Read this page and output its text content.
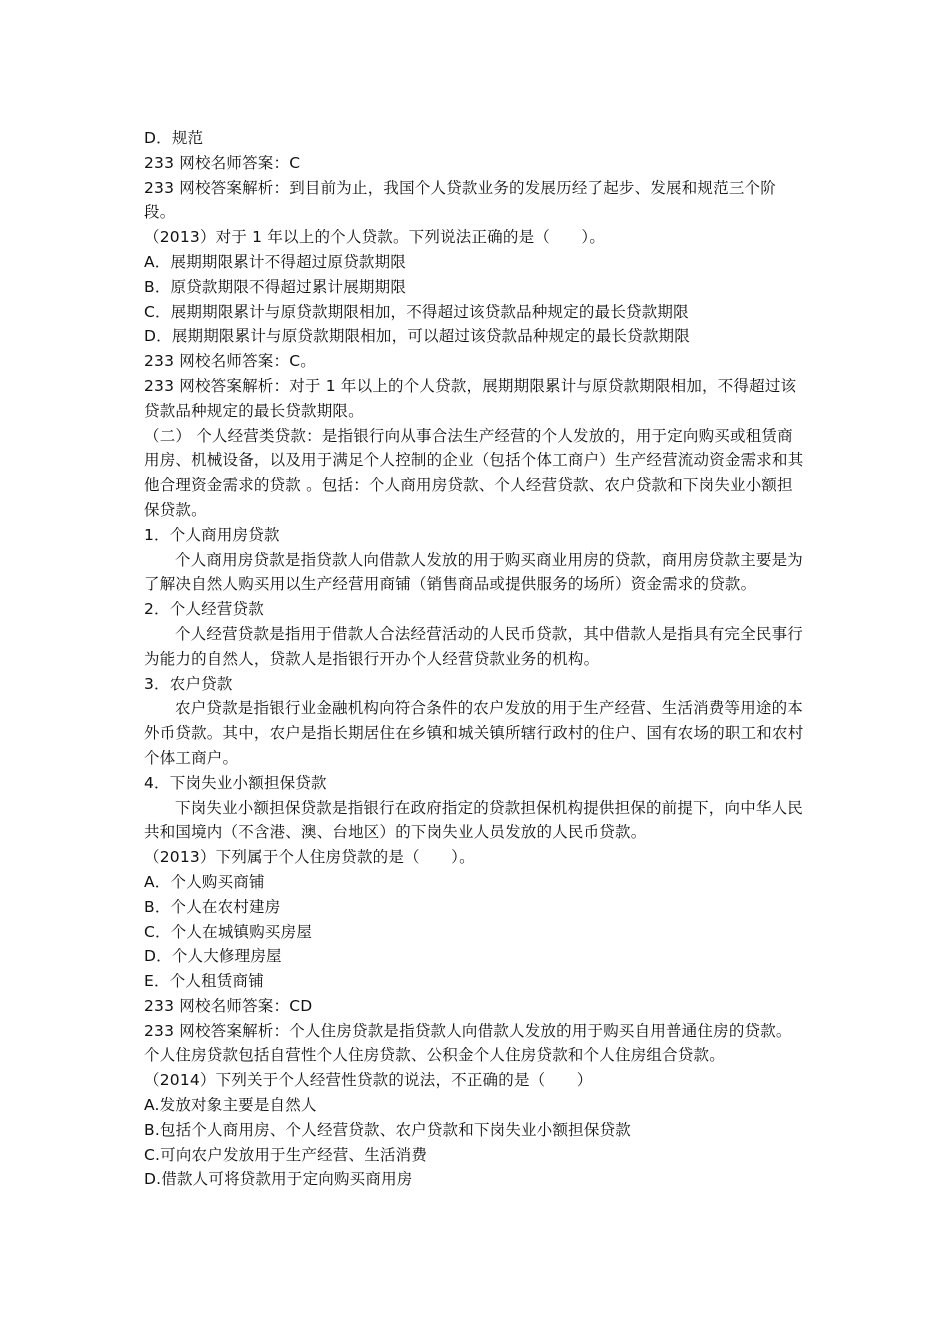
D．规范

233 网校名师答案：C

233 网校答案解析：到目前为止，我国个人贷款业务的发展历经了起步、发展和规范三个阶段。

（2013）对于 1 年以上的个人贷款。下列说法正确的是（　　）。

A．展期期限累计不得超过原贷款期限

B．原贷款期限不得超过累计展期期限

C．展期期限累计与原贷款期限相加，不得超过该贷款品种规定的最长贷款期限

D．展期期限累计与原贷款期限相加，可以超过该贷款品种规定的最长贷款期限

233 网校名师答案：C。

233 网校答案解析：对于 1 年以上的个人贷款，展期期限累计与原贷款期限相加，不得超过该贷款品种规定的最长贷款期限。

（二） 个人经营类贷款：是指银行向从事合法生产经营的个人发放的，用于定向购买或租赁商用房、机械设备，以及用于满足个人控制的企业（包括个体工商户）生产经营流动资金需求和其他合理资金需求的贷款 。包括：个人商用房贷款、个人经营贷款、农户贷款和下岗失业小额担保贷款。

1．个人商用房贷款

个人商用房贷款是指贷款人向借款人发放的用于购买商业用房的贷款，商用房贷款主要是为了解决自然人购买用以生产经营用商铺（销售商品或提供服务的场所）资金需求的贷款。

2．个人经营贷款

个人经营贷款是指用于借款人合法经营活动的人民币贷款，其中借款人是指具有完全民事行为能力的自然人，贷款人是指银行开办个人经营贷款业务的机构。

3．农户贷款

农户贷款是指银行业金融机构向符合条件的农户发放的用于生产经营、生活消费等用途的本外币贷款。其中，农户是指长期居住在乡镇和城关镇所辖行政村的住户、国有农场的职工和农村个体工商户。

4．下岗失业小额担保贷款

下岗失业小额担保贷款是指银行在政府指定的贷款担保机构提供担保的前提下，向中华人民共和国境内（不含港、澳、台地区）的下岗失业人员发放的人民币贷款。

（2013）下列属于个人住房贷款的是（　　）。

A．个人购买商铺

B．个人在农村建房

C．个人在城镇购买房屋

D．个人大修理房屋

E．个人租赁商铺

233 网校名师答案：CD

233 网校答案解析：个人住房贷款是指贷款人向借款人发放的用于购买自用普通住房的贷款。个人住房贷款包括自营性个人住房贷款、公积金个人住房贷款和个人住房组合贷款。

（2014）下列关于个人经营性贷款的说法，不正确的是（　　）

A.发放对象主要是自然人

B.包括个人商用房、个人经营贷款、农户贷款和下岗失业小额担保贷款

C.可向农户发放用于生产经营、生活消费

D.借款人可将贷款用于定向购买商用房
